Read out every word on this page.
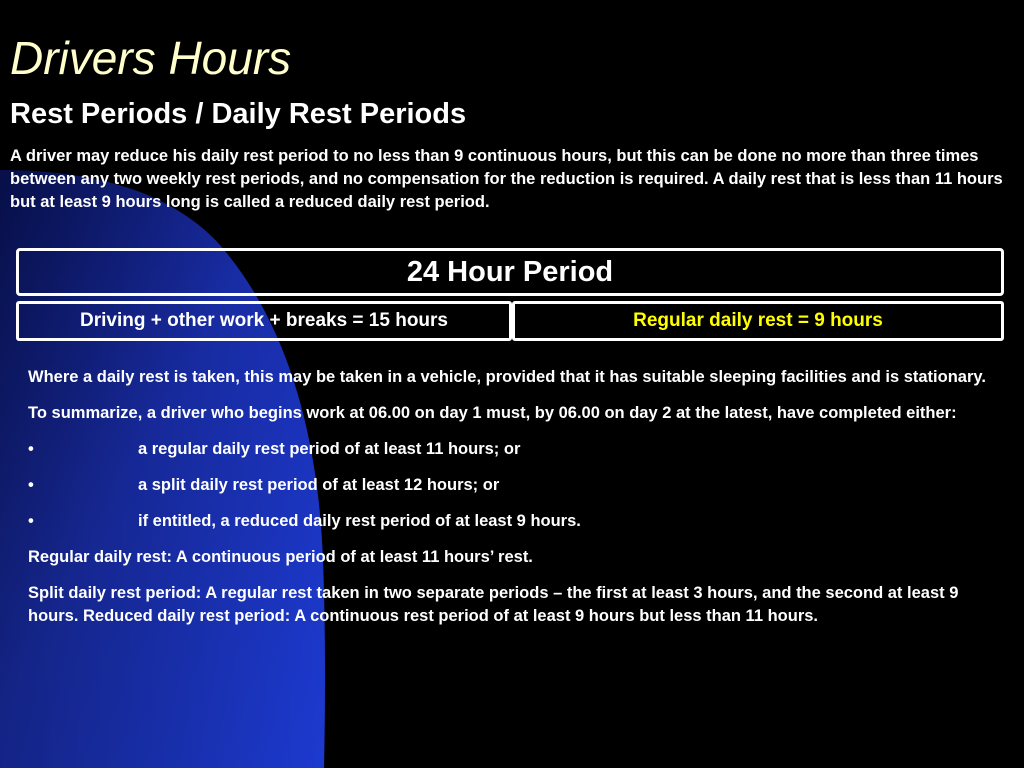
Drivers Hours
Rest Periods / Daily Rest Periods

A driver may reduce his daily rest period to no less than 9 continuous hours, but this can be done no more than three times between any two weekly rest periods, and no compensation for the reduction is required. A daily rest that is less than 11 hours but at least 9 hours long is called a reduced daily rest period.

24 Hour Period
Driving + other work + breaks = 15 hours	Regular daily rest = 9 hours

Where a daily rest is taken, this may be taken in a vehicle, provided that it has suitable sleeping facilities and is stationary.

To summarize, a driver who begins work at 06.00 on day 1 must, by 06.00 on day 2 at the latest, have completed either:

•	a regular daily rest period of at least 11 hours; or
•	a split daily rest period of at least 12 hours; or
•	if entitled, a reduced daily rest period of at least 9 hours.

Regular daily rest: A continuous period of at least 11 hours’ rest.

Split daily rest period: A regular rest taken in two separate periods – the first at least 3 hours, and the second at least 9 hours. Reduced daily rest period: A continuous rest period of at least 9 hours but less than 11 hours.
